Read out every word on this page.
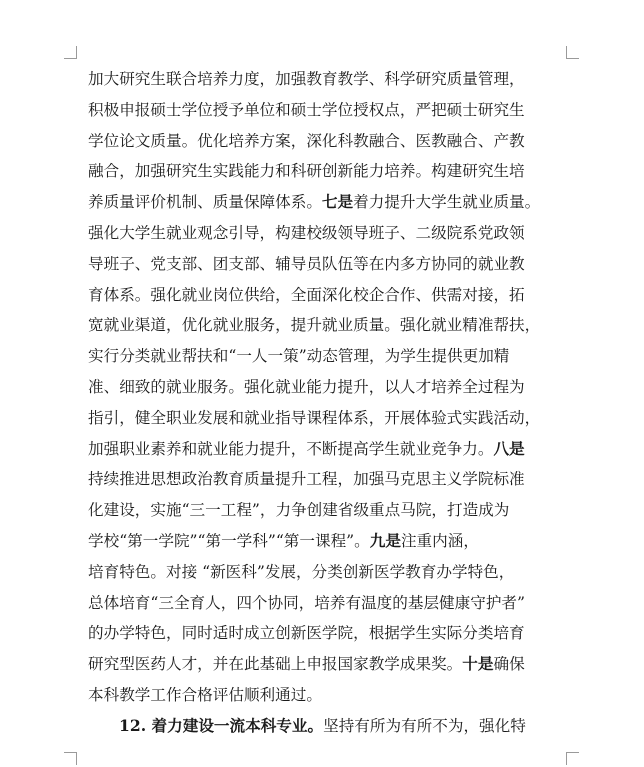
加大研究生联合培养力度，加强教育教学、科学研究质量管理，
积极申报硕士学位授予单位和硕士学位授权点，严把硕士研究生
学位论文质量。优化培养方案，深化科教融合、医教融合、产教
融合，加强研究生实践能力和科研创新能力培养。构建研究生培
养质量评价机制、质量保障体系。七是着力提升大学生就业质量。
强化大学生就业观念引导，构建校级领导班子、二级院系党政领
导班子、党支部、团支部、辅导员队伍等在内多方协同的就业教
育体系。强化就业岗位供给，全面深化校企合作、供需对接，拓
宽就业渠道，优化就业服务，提升就业质量。强化就业精准帮扶，
实行分类就业帮扶和“一人一策”动态管理，为学生提供更加精
准、细致的就业服务。强化就业能力提升，以人才培养全过程为
指引，健全职业发展和就业指导课程体系，开展体验式实践活动，
加强职业素养和就业能力提升，不断提高学生就业竞争力。八是
持续推进思想政治教育质量提升工程，加强马克思主义学院标准
化建设，实施“三一工程”，力争创建省级重点马院，打造成为
学校“第一学院”“第一学科”“第一课程”。九是注重内涵，
培育特色。对接 “新医科”发展，分类创新医学教育办学特色，
总体培育“三全育人，四个协同，培养有温度的基层健康守护者”
的办学特色，同时适时成立创新医学院，根据学生实际分类培育
研究型医药人才，并在此基础上申报国家教学成果奖。十是确保
本科教学工作合格评估顺利通过。
12. 着力建设一流本科专业。坚持有所为有所不为，强化特
